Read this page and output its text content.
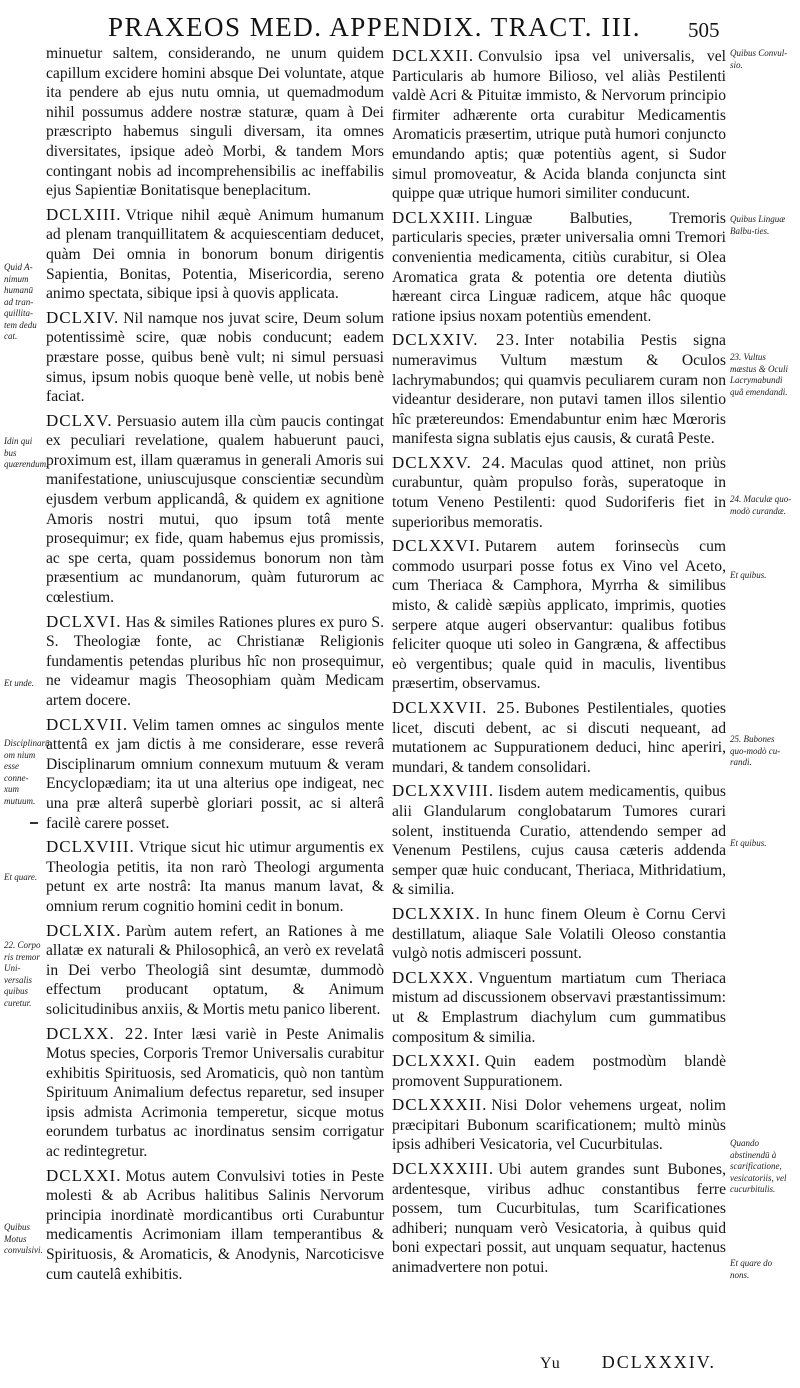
PRAXEOS MED. APPENDIX. TRACT. III. 505

minuetur saltem, considerando, ne unum quidem capillum excidere homini absque Dei voluntate, atque ita pendere ab ejus nutu omnia, ut quemadmodum nihil possumus addere nostræ staturæ, quam à Dei præscripto habemus singuli diversam, ita omnes diversitates, ipsique adeò Morbi, & tandem Mors contingant nobis ad incomprehensibilis ac ineffabilis ejus Sapientiæ Bonitatisque beneplacitum.

DCLXIII. Vtrique nihil æquè Animum humanum ad plenam tranquillitatem & acquiescentiam deducet, quàm Dei omnia in bonorum bonum dirigentis Sapientia, Bonitas, Potentia, Misericordia, sereno animo spectata, sibique ipsi à quovis applicata.

DCLXIV. Nil namque nos juvat scire, Deum solum potentissimè scire, quæ nobis conducunt; eadem præstare posse, quibus benè vult; ni simul persuasi simus, ipsum nobis quoque benè velle, ut nobis benè faciat.

DCLXV. Persuasio autem illa cùm paucis contingat ex peculiari revelatione, qualem habuerunt pauci, proximum est, illam quæramus in generali Amoris sui manifestatione, uniuscujusque conscientiæ secundùm ejusdem verbum applicandâ, & quidem ex agnitione Amoris nostri mutui, quo ipsum totâ mente prosequimur; ex fide, quam habemus ejus promissis, ac spe certa, quam possidemus bonorum non tàm præsentium ac mundanorum, quàm futurorum ac cœlestium.

DCLXVI. Has & similes Rationes plures ex puro S. S. Theologiæ fonte, ac Christianæ Religionis fundamentis petendas pluribus hîc non prosequimur, ne videamur magis Theosophiam quàm Medicam artem docere.

DCLXVII. Velim tamen omnes ac singulos mente attentâ ex jam dictis à me considerare, esse reverâ Disciplinarum omnium connexum mutuum & veram Encyclopædiam; ita ut una alterius ope indigeat, nec una præ alterâ superbè gloriari possit, ac si alterâ facilè carere posset.

DCLXVIII. Vtrique sicut hic utimur argumentis ex Theologia petitis, ita non rarò Theologi argumenta petunt ex arte nostrâ: Ita manus manum lavat, & omnium rerum cognitio homini cedit in bonum.

DCLXIX. Parùm autem refert, an Rationes à me allatæ ex naturali & Philosophicâ, an verò ex revelatâ in Dei verbo Theologiâ sint desumtæ, dummodò effectum producant optatum, & Animum solicitudinibus anxiis, & Mortis metu panico liberent.

DCLXX. 22. Inter læsi variè in Peste Animalis Motus species, Corporis Tremor Universalis curabitur exhibitis Spirituosis, sed Aromaticis, quò non tantùm Spirituum Animalium defectus reparetur, sed insuper ipsis admista Acrimonia temperetur, sicque motus eorundem turbatus ac inordinatus sensim corrigatur ac redintegretur.

DCLXXI. Motus autem Convulsivi toties in Peste molesti & ab Acribus halitibus Salinis Nervorum principia inordinatè mordicantibus orti Curabuntur medicamentis Acrimoniam illam temperantibus & Spirituosis, & Aromaticis, & Anodynis, Narcoticisve cum cautelâ exhibitis.

DCLXXII. Convulsio ipsa vel universalis, vel Particularis ab humore Bilioso, vel aliàs Pestilenti valdè Acri & Pituitæ immisto, & Nervorum principio firmiter adhærente orta curabitur Medicamentis Aromaticis præsertim, utrique putà humori conjuncto emundando aptis; quæ potentiùs agent, si Sudor simul promoveatur, & Acida blanda conjuncta sint quippe quæ utrique humori similiter conducunt.

DCLXXIII. Linguæ Balbuties, Tremoris particularis species, præter universalia omni Tremori convenientia medicamenta, citiùs curabitur, si Olea Aromatica grata & potentia ore detenta diutiùs hæreant circa Linguæ radicem, atque hâc quoque ratione ipsius noxam potentiùs emendent.

DCLXXIV. 23. Inter notabilia Pestis signa numeravimus Vultum mæstum & Oculos lachrymabundos; qui quamvis peculiarem curam non videantur desiderare, non putavi tamen illos silentio hîc prætereundos: Emendabuntur enim hæc Mœroris manifesta signa sublatis ejus causis, & curatâ Peste.

DCLXXV. 24. Maculas quod attinet, non priùs curabuntur, quàm propulso foràs, superatoque in totum Veneno Pestilenti: quod Sudoriferis fiet in superioribus memoratis.

DCLXXVI. Putarem autem forinsecùs cum commodo usurpari posse fotus ex Vino vel Aceto, cum Theriaca & Camphora, Myrrha & similibus misto, & calidè sæpiùs applicato, imprimis, quoties serpere atque augeri observantur: qualibus fotibus feliciter quoque uti soleo in Gangræna, & affectibus eò vergentibus; quale quid in maculis, liventibus præsertim, observamus.

DCLXXVII. 25. Bubones Pestilentiales, quoties licet, discuti debent, ac si discuti nequeant, ad mutationem ac Suppurationem deduci, hinc aperiri, mundari, & tandem consolidari.

DCLXXVIII. Iisdem autem medicamentis, quibus alii Glandularum conglobatarum Tumores curari solent, instituenda Curatio, attendendo semper ad Venenum Pestilens, cujus causa cæteris addenda semper quæ huic conducant, Theriaca, Mithridatium, & similia.

DCLXXIX. In hunc finem Oleum è Cornu Cervi destillatum, aliaque Sale Volatili Oleoso constantia vulgò notis admisceri possunt.

DCLXXX. Vnguentum martiatum cum Theriaca mistum ad discussionem observavi præstantissimum: ut & Emplastrum diachylum cum gummatibus compositum & similia.

DCLXXXI. Quin eadem postmodùm blandè promovent Suppurationem.

DCLXXXII. Nisi Dolor vehemens urgeat, nolim præcipitari Bubonum scarificationem; multò minùs ipsis adhiberi Vesicatoria, vel Cucurbitulas.

DCLXXXIII. Ubi autem grandes sunt Bubones, ardentesque, viribus adhuc constantibus ferre possem, tum Cucurbitulas, tum Scarificationes adhiberi; nunquam verò Vesicatoria, à quibus quid boni expectari possit, aut unquam sequatur, hactenus animadvertere non potui.

Quid A-nimum humanū ad tran-quillita-tem dedu cat.
Idin qui bus quærendum.
Et unde.
Disciplinarū om nium esse conne-xum mutuum.
Et quare.
22. Corpo ris tremor Uni-versalis quibus curetur.
Quibus Motus convulsivi.
Quibus Convul-sio.
Quibus Linguæ Balbu-ties.
23. Vultus mæstus & Oculi Lacrymabundi quâ emendandi.
24. Maculæ quo-modò curandæ.
Et quibus.
25. Bubones quo-modò cu-randi.
Et quibus.
Quando abstinendū à scarificatione, vesicatoriis, vel cucurbitulis.
Et quare do nons.
Yu DCLXXXIV.
